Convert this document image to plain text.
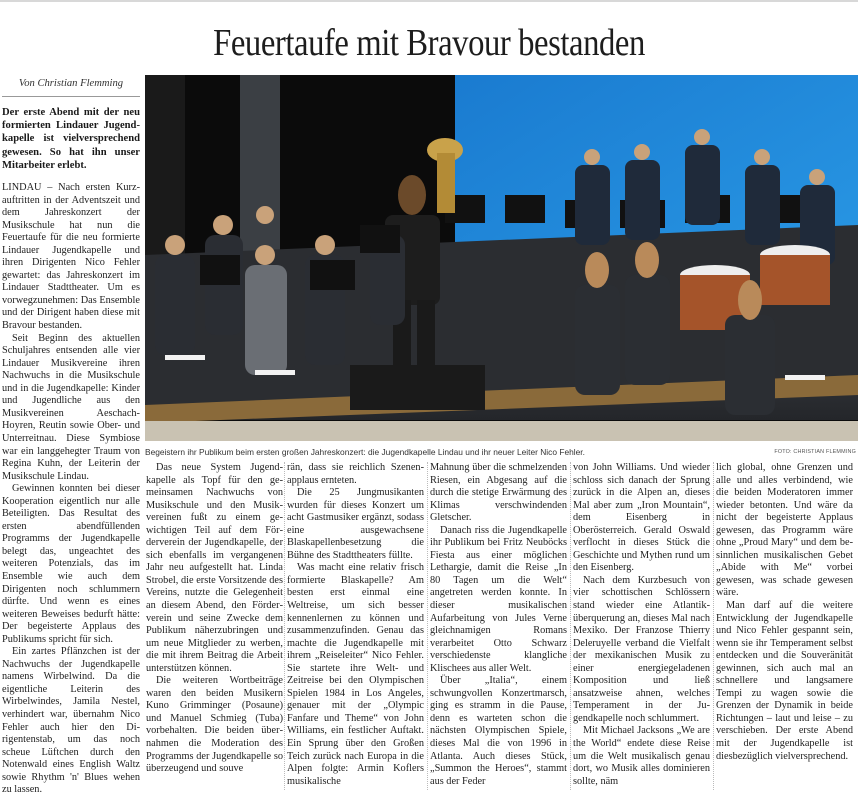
Feuertaufe mit Bravour bestanden
Von Christian Flemming
Der erste Abend mit der neu formierten Lindauer Jugendkapelle ist vielversprechend gewesen. So hat ihn unser Mitarbeiter erlebt.

LINDAU – Nach ersten Kurzauftritten in der Adventszeit und dem Jahreskonzert der Musikschule hat nun die Feuertaufe für die neu formierte Lindauer Jugendkapelle und ihren Dirigenten Nico Fehler gewartet: das Jahreskonzert im Lindauer Stadttheater. Um es vorwegzunehmen: Das Ensemble und der Dirigent haben diese mit Bravour bestanden.

Seit Beginn des aktuellen Schuljahres entsenden alle vier Lindauer Musikvereine ihren Nachwuchs in die Musikschule und in die Jugendkapelle: Kinder und Jugendliche aus den Musikvereinen Aeschach-Hoyren, Reutin sowie Ober- und Unterreitnau. Diese Symbiose war ein langgehegter Traum von Regina Kuhn, der Leiterin der Musikschule Lindau.

Gewinnen konnten bei dieser Kooperation eigentlich nur alle Beteiligten. Das Resultat des ersten abendfüllenden Programms der Jugendkapelle belegt das, ungeachtet des weiteren Potenzials, das im Ensemble wie auch dem Dirigenten noch schlummern dürfte. Und wenn es eines weiteren Beweises bedurft hätte: Der begeisterte Applaus des Publikums spricht für sich.

Ein zartes Pflänzchen ist der Nachwuchs der Jugendkapelle namens Wirbelwind. Da die eigentliche Leiterin des Wirbelwindes, Jamila Nestel, verhindert war, übernahm Nico Fehler auch hier den Dirigentenstab, um das noch scheue Lüftchen durch den Notenwald eines English Waltz sowie Rhythm 'n' Blues wehen zu lassen.

Begeistern ihr Publikum beim ersten großen Jahreskonzert: die Jugendkapelle Lindau und ihr neuer Leiter Nico Fehler.	FOTO: CHRISTIAN FLEMMING

Das neue System Jugendkapelle als Topf für den gemeinsamen Nachwuchs von Musikschule und den Musikvereinen fußt zu einem gewichtigen Teil auf dem Förderverein der Jugendkapelle, der sich ebenfalls im vergangenen Jahr neu aufgestellt hat. Linda Strobel, die erste Vorsitzende des Vereins, nutzte die Gelegenheit an diesem Abend, den Förderverein und seine Zwecke dem Publikum näherzubringen und um neue Mitglieder zu werben, die mit ihrem Beitrag die Arbeit unterstützen können.

Die weiteren Wortbeiträge waren den beiden Musikern Kuno Grimminger (Posaune) und Manuel Schmieg (Tuba) vorbehalten. Die beiden übernahmen die Moderation des Programms der Jugendkapelle so überzeugend und souve

rän, dass sie reichlich Szenenapplaus ernteten.

Die 25 Jungmusikanten wurden für dieses Konzert um acht Gastmusiker ergänzt, sodass eine ausgewachsene Blaskapellenbesetzung die Bühne des Stadttheaters füllte.

Was macht eine relativ frisch formierte Blaskapelle? Am besten erst einmal eine Weltreise, um sich besser kennenlernen zu können und zusammenzufinden. Genau das machte die Jugendkapelle mit ihrem „Reiseleiter“ Nico Fehler. Sie startete ihre Welt- und Zeitreise bei den Olympischen Spielen 1984 in Los Angeles, genauer mit der „Olympic Fanfare und Theme“ von John Williams, ein festlicher Auftakt. Ein Sprung über den Großen Teich zurück nach Europa in die Alpen folgte: Armin Koflers musikalische

Mahnung über die schmelzenden Riesen, ein Abgesang auf die durch die stetige Erwärmung des Klimas verschwindenden Gletscher.

Danach riss die Jugendkapelle ihr Publikum bei Fritz Neuböcks Fiesta aus einer möglichen Lethargie, damit die Reise „In 80 Tagen um die Welt“ angetreten werden konnte. In dieser musikalischen Aufarbeitung von Jules Verne gleichnamigen Romans verarbeitet Otto Schwarz verschiedenste klangliche Klischees aus aller Welt.

Über „Italia“, einem schwungvollen Konzertmarsch, ging es stramm in die Pause, denn es warteten schon die nächsten Olympischen Spiele, dieses Mal die von 1996 in Atlanta. Auch dieses Stück, „Summon the Heroes“, stammt aus der Feder

von John Williams. Und wieder schloss sich danach der Sprung zurück in die Alpen an, dieses Mal aber zum „Iron Mountain“, dem Eisenberg in Oberösterreich. Gerald Oswald verflocht in dieses Stück die Geschichte und Mythen rund um den Eisenberg.

Nach dem Kurzbesuch von vier schottischen Schlössern stand wieder eine Atlantiküberquerung an, dieses Mal nach Mexiko. Der Franzose Thierry Deleruyelle verband die Vielfalt der mexikanischen Musik zu einer energiegeladenen Komposition und ließ ansatzweise ahnen, welches Temperament in der Jugendkapelle noch schlummert.

Mit Michael Jacksons „We are the World“ endete diese Reise um die Welt musikalisch genau dort, wo Musik alles dominieren sollte, näm

lich global, ohne Grenzen und alle und alles verbindend, wie die beiden Moderatoren immer wieder betonten. Und wäre da nicht der begeisterte Applaus gewesen, das Programm wäre ohne „Proud Mary“ und dem besinnlichen musikalischen Gebet „Abide with Me“ vorbei gewesen, was schade gewesen wäre.

Man darf auf die weitere Entwicklung der Jugendkapelle und Nico Fehler gespannt sein, wenn sie ihr Temperament selbst entdecken und die Souveränität gewinnen, sich auch mal an schnellere und langsamere Tempi zu wagen sowie die Grenzen der Dynamik in beide Richtungen – laut und leise – zu verschieben. Der erste Abend mit der Jugendkapelle ist diesbezüglich vielversprechend.
